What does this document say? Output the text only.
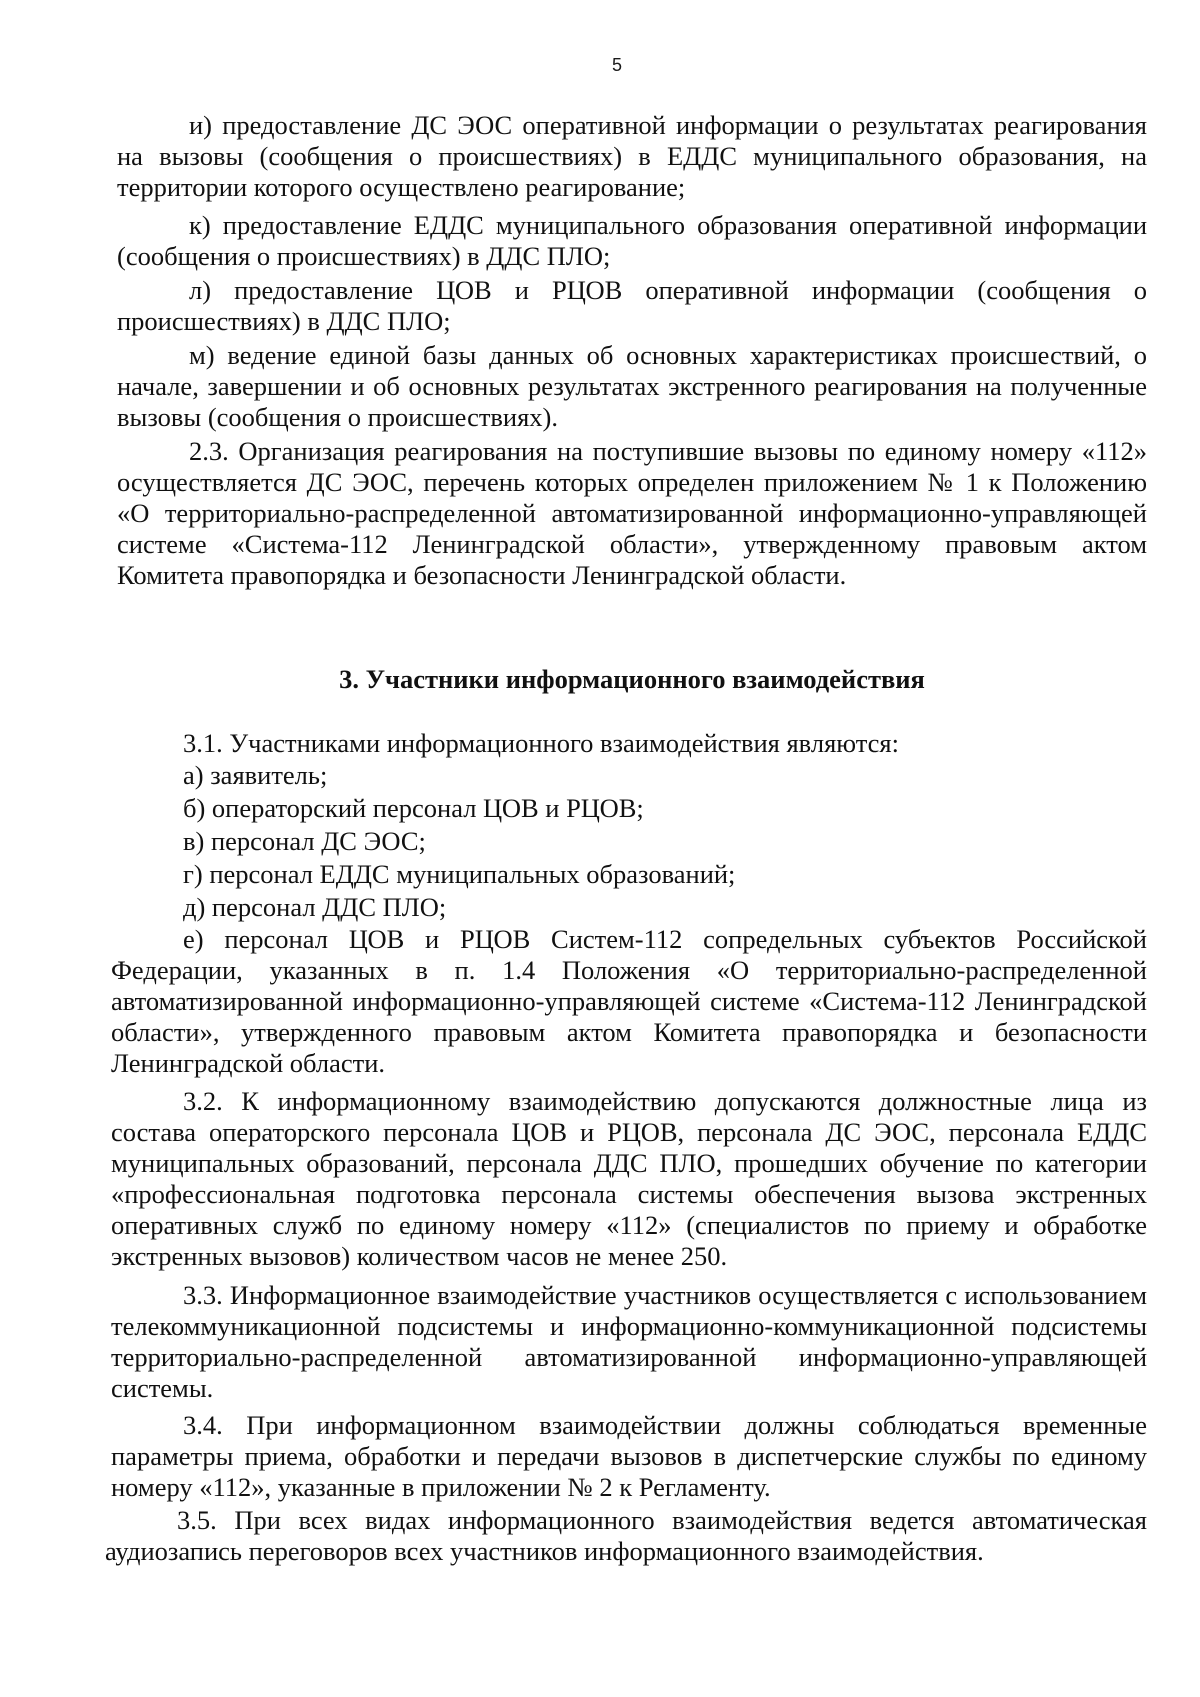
5

и) предоставление ДС ЭОС оперативной информации о результатах реагирования на вызовы (сообщения о происшествиях) в ЕДДС муниципального образования, на территории которого осуществлено реагирование;

к) предоставление ЕДДС муниципального образования оперативной информации (сообщения о происшествиях) в ДДС ПЛО;

л) предоставление ЦОВ и РЦОВ оперативной информации (сообщения о происшествиях) в ДДС ПЛО;

м) ведение единой базы данных об основных характеристиках происшествий, о начале, завершении и об основных результатах экстренного реагирования на полученные вызовы (сообщения о происшествиях).

2.3. Организация реагирования на поступившие вызовы по единому номеру «112» осуществляется ДС ЭОС, перечень которых определен приложением № 1 к Положению «О территориально-распределенной автоматизированной информационно-управляющей системе «Система-112 Ленинградской области», утвержденному правовым актом Комитета правопорядка и безопасности Ленинградской области.

3. Участники информационного взаимодействия

3.1. Участниками информационного взаимодействия являются:

а) заявитель;

б) операторский персонал ЦОВ и РЦОВ;

в) персонал ДС ЭОС;

г) персонал ЕДДС муниципальных образований;

д) персонал ДДС ПЛО;

е) персонал ЦОВ и РЦОВ Систем-112 сопредельных субъектов Российской Федерации, указанных в п. 1.4 Положения «О территориально-распределенной автоматизированной информационно-управляющей системе «Система-112 Ленинградской области», утвержденного правовым актом Комитета правопорядка и безопасности Ленинградской области.

3.2. К информационному взаимодействию допускаются должностные лица из состава операторского персонала ЦОВ и РЦОВ, персонала ДС ЭОС, персонала ЕДДС муниципальных образований, персонала ДДС ПЛО, прошедших обучение по категории «профессиональная подготовка персонала системы обеспечения вызова экстренных оперативных служб по единому номеру «112» (специалистов по приему и обработке экстренных вызовов) количеством часов не менее 250.

3.3. Информационное взаимодействие участников осуществляется с использованием телекоммуникационной подсистемы и информационно-коммуникационной подсистемы территориально-распределенной автоматизированной информационно-управляющей системы.

3.4. При информационном взаимодействии должны соблюдаться временные параметры приема, обработки и передачи вызовов в диспетчерские службы по единому номеру «112», указанные в приложении № 2 к Регламенту.

3.5. При всех видах информационного взаимодействия ведется автоматическая аудиозапись переговоров всех участников информационного взаимодействия.
